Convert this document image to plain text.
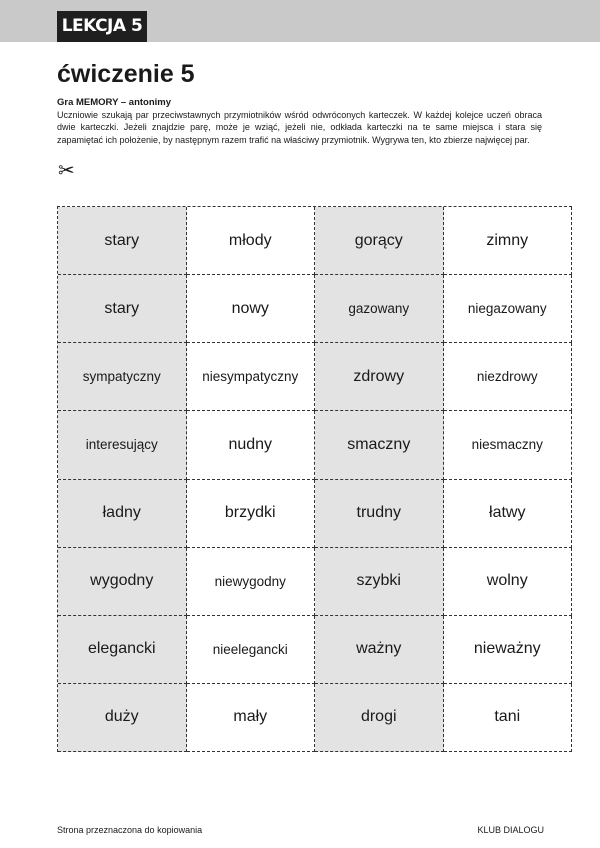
LEKCJA 5
ćwiczenie 5
Gra MEMORY – antonimy

Uczniowie szukają par przeciwstawnych przymiotników wśród odwróconych karteczek. W każdej kolejce uczeń obraca dwie karteczki. Jeżeli znajdzie parę, może je wziąć, jeżeli nie, odkłada karteczki na te same miejsca i stara się zapamiętać ich położenie, by następnym razem trafić na właściwy przymiotnik. Wygrywa ten, kto zbierze najwięcej par.

✂
stary	młody	gorący	zimny
stary	nowy	gazowany	niegazowany
sympatyczny	niesympatyczny	zdrowy	niezdrowy
interesujący	nudny	smaczny	niesmaczny
ładny	brzydki	trudny	łatwy
wygodny	niewygodny	szybki	wolny
elegancki	nieelegancki	ważny	nieważny
duży	mały	drogi	tani
Strona przeznaczona do kopiowania	KLUB DIALOGU
